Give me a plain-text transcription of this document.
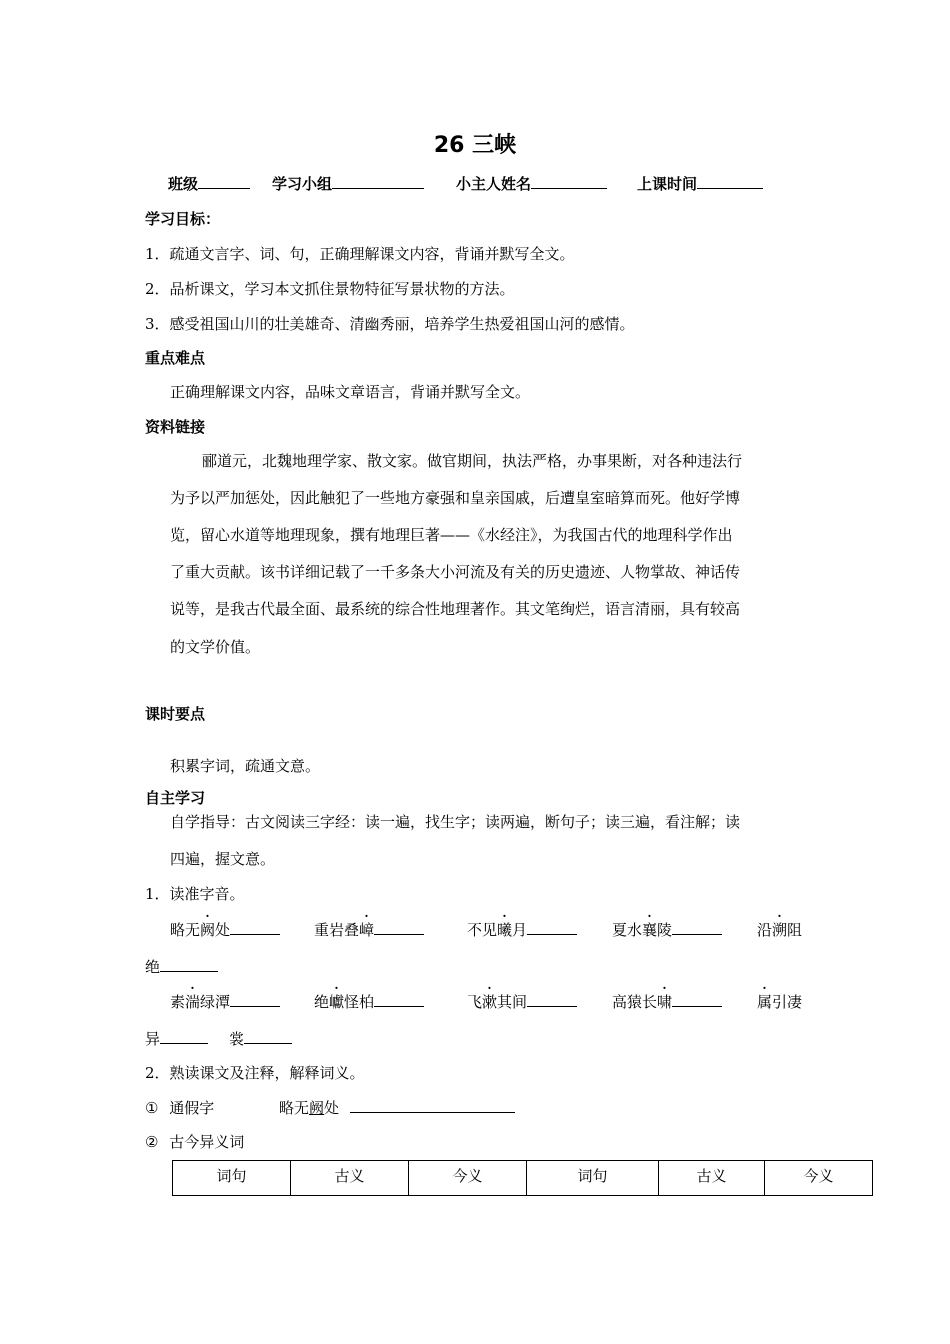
26 三峡
班级	学习小组	小主人姓名	上课时间
学习目标：
1．疏通文言字、词、句，正确理解课文内容，背诵并默写全文。
2．品析课文，学习本文抓住景物特征写景状物的方法。
3．感受祖国山川的壮美雄奇、清幽秀丽，培养学生热爱祖国山河的感情。
重点难点
正确理解课文内容，品味文章语言，背诵并默写全文。
资料链接
郦道元，北魏地理学家、散文家。做官期间，执法严格，办事果断，对各种违法行
为予以严加惩处，因此触犯了一些地方豪强和皇亲国戚，后遭皇室暗算而死。他好学博
览，留心水道等地理现象，撰有地理巨著——《水经注》，为我国古代的地理科学作出
了重大贡献。该书详细记载了一千多条大小河流及有关的历史遗迹、人物掌故、神话传
说等，是我古代最全面、最系统的综合性地理著作。其文笔绚烂，语言清丽，具有较高
的文学价值。
课时要点
积累字词，疏通文意。
自主学习
自学指导：古文阅读三字经：读一遍，找生字；读两遍，断句子；读三遍，看注解；读
四遍，握文意。
1．读准字音。
略无阙处	重岩叠嶂	不见曦月	夏水襄陵	沿溯阻
绝
素湍绿潭	绝巘怪柏	飞漱其间	高猿长啸	属引凄
异	裳
2．熟读课文及注释，解释词义。
① 通假字	略无阙处
② 古今异义词
词句	古义	今义	词句	古义	今义
